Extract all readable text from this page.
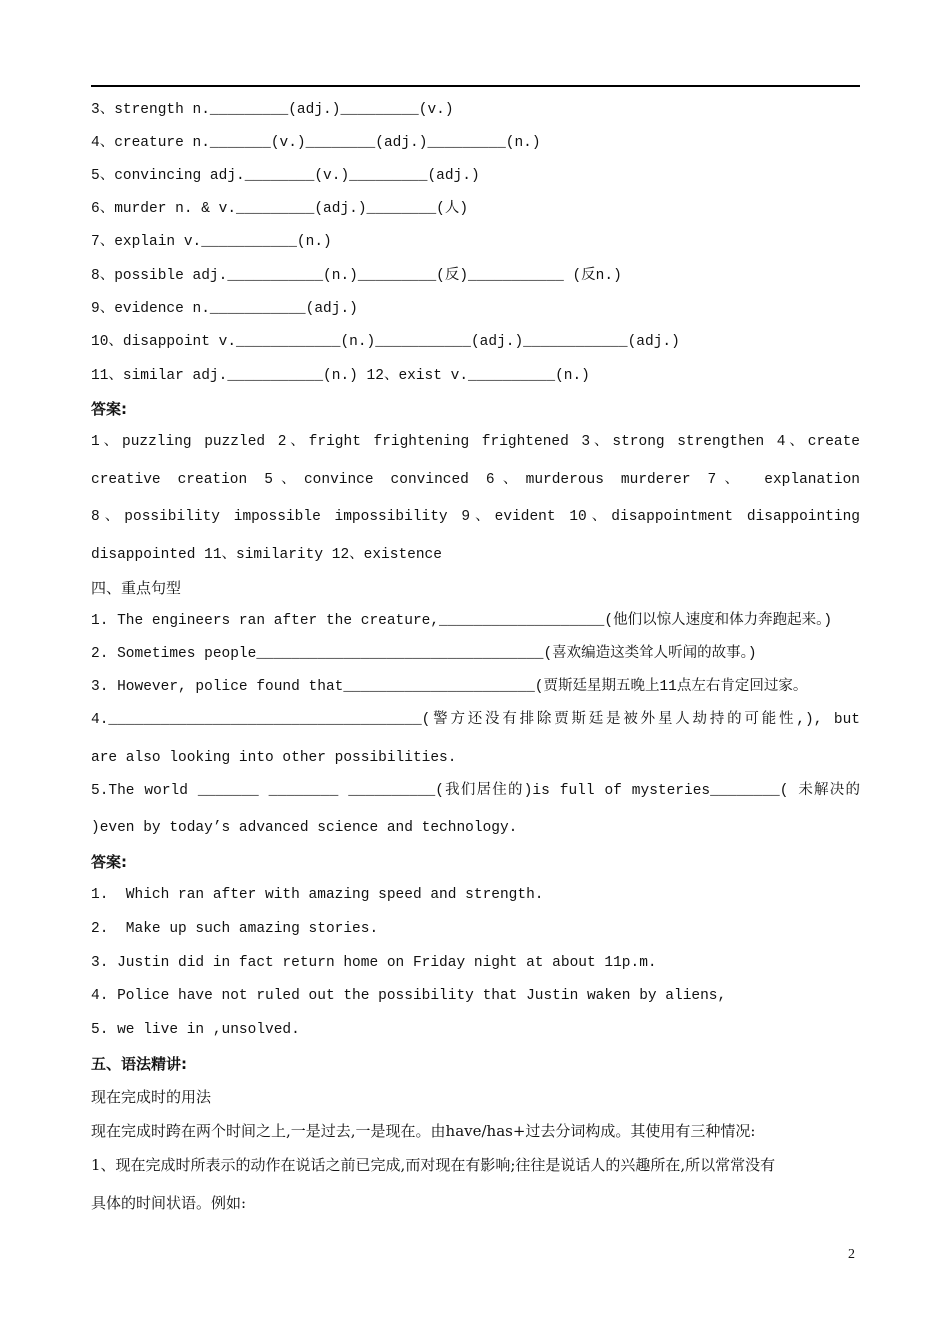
3、strength n._________(adj.)_________(v.)

4、creature n._______(v.)________(adj.)_________(n.)

5、convincing adj.________(v.)_________(adj.)

6、murder n. & v._________(adj.)________(人)

7、explain v.___________(n.)

8、possible adj.___________(n.)_________(反)___________ (反n.)

9、evidence n.___________(adj.)

10、disappoint v.____________(n.)___________(adj.)____________(adj.)

11、similar adj.___________(n.) 12、exist v.__________(n.)

答案:

1、puzzling puzzled 2、fright frightening frightened 3、strong strengthen 4、create

creative creation 5、convince convinced 6、murderous murderer 7、 explanation

8、possibility impossible impossibility 9、evident 10、disappointment disappointing

disappointed 11、similarity 12、existence

四、重点句型

1. The engineers ran after the creature,___________________(他们以惊人速度和体力奔跑起来。)

2. Sometimes people_________________________________(喜欢编造这类耸人听闻的故事。)

3. However, police found that______________________(贾斯廷星期五晚上11点左右肯定回过家。

4.____________________________________(警方还没有排除贾斯廷是被外星人劫持的可能性,), but

are also looking into other possibilities.

5.The world _______ ________ __________(我们居住的)is full of mysteries________( 未解决的

)even by today’s advanced science and technology.

答案:

1.  Which ran after with amazing speed and strength.

2.  Make up such amazing stories.

3. Justin did in fact return home on Friday night at about 11p.m.

4. Police have not ruled out the possibility that Justin waken by aliens,

5. we live in ,unsolved.

五、语法精讲:

现在完成时的用法

现在完成时跨在两个时间之上,一是过去,一是现在。由have/has+过去分词构成。其使用有三种情况:

1、现在完成时所表示的动作在说话之前已完成,而对现在有影响;往往是说话人的兴趣所在,所以常常没有

具体的时间状语。例如:

2
